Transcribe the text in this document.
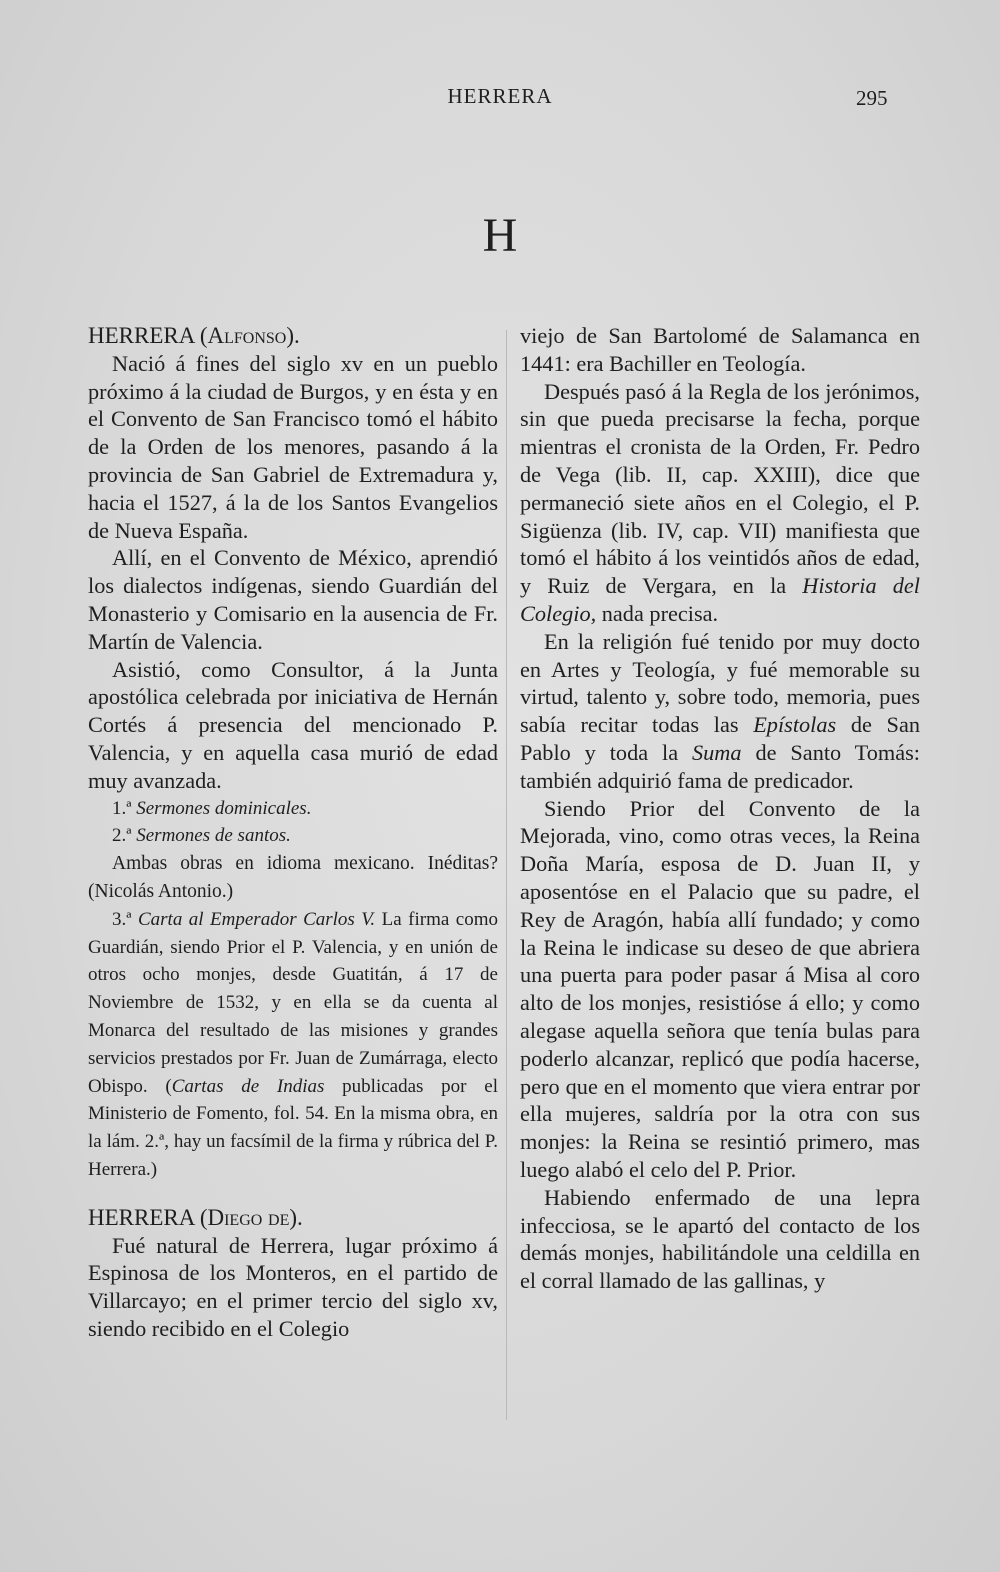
HERRERA	295
H
HERRERA (Alfonso).

Nació á fines del siglo xv en un pueblo próximo á la ciudad de Burgos, y en ésta y en el Convento de San Francisco tomó el hábito de la Orden de los menores, pasando á la provincia de San Gabriel de Extremadura y, hacia el 1527, á la de los Santos Evangelios de Nueva España.

Allí, en el Convento de México, aprendió los dialectos indígenas, siendo Guardián del Monasterio y Comisario en la ausencia de Fr. Martín de Valencia.

Asistió, como Consultor, á la Junta apostólica celebrada por iniciativa de Hernán Cortés á presencia del mencionado P. Valencia, y en aquella casa murió de edad muy avanzada.

1.ª Sermones dominicales.

2.ª Sermones de santos.

Ambas obras en idioma mexicano. Inéditas? (Nicolás Antonio.)

3.ª Carta al Emperador Carlos V. La firma como Guardián, siendo Prior el P. Valencia, y en unión de otros ocho monjes, desde Guatitán, á 17 de Noviembre de 1532, y en ella se da cuenta al Monarca del resultado de las misiones y grandes servicios prestados por Fr. Juan de Zumárraga, electo Obispo. (Cartas de Indias publicadas por el Ministerio de Fomento, fol. 54. En la misma obra, en la lám. 2.ª, hay un facsímil de la firma y rúbrica del P. Herrera.)

HERRERA (Diego de).

Fué natural de Herrera, lugar próximo á Espinosa de los Monteros, en el partido de Villarcayo; en el primer tercio del siglo xv, siendo recibido en el Colegio

viejo de San Bartolomé de Salamanca en 1441: era Bachiller en Teología.

Después pasó á la Regla de los jerónimos, sin que pueda precisarse la fecha, porque mientras el cronista de la Orden, Fr. Pedro de Vega (lib. II, cap. XXIII), dice que permaneció siete años en el Colegio, el P. Sigüenza (lib. IV, cap. VII) manifiesta que tomó el hábito á los veintidós años de edad, y Ruiz de Vergara, en la Historia del Colegio, nada precisa.

En la religión fué tenido por muy docto en Artes y Teología, y fué memorable su virtud, talento y, sobre todo, memoria, pues sabía recitar todas las Epístolas de San Pablo y toda la Suma de Santo Tomás: también adquirió fama de predicador.

Siendo Prior del Convento de la Mejorada, vino, como otras veces, la Reina Doña María, esposa de D. Juan II, y aposentóse en el Palacio que su padre, el Rey de Aragón, había allí fundado; y como la Reina le indicase su deseo de que abriera una puerta para poder pasar á Misa al coro alto de los monjes, resistióse á ello; y como alegase aquella señora que tenía bulas para poderlo alcanzar, replicó que podía hacerse, pero que en el momento que viera entrar por ella mujeres, saldría por la otra con sus monjes: la Reina se resintió primero, mas luego alabó el celo del P. Prior.

Habiendo enfermado de una lepra infecciosa, se le apartó del contacto de los demás monjes, habilitándole una celdilla en el corral llamado de las gallinas, y
